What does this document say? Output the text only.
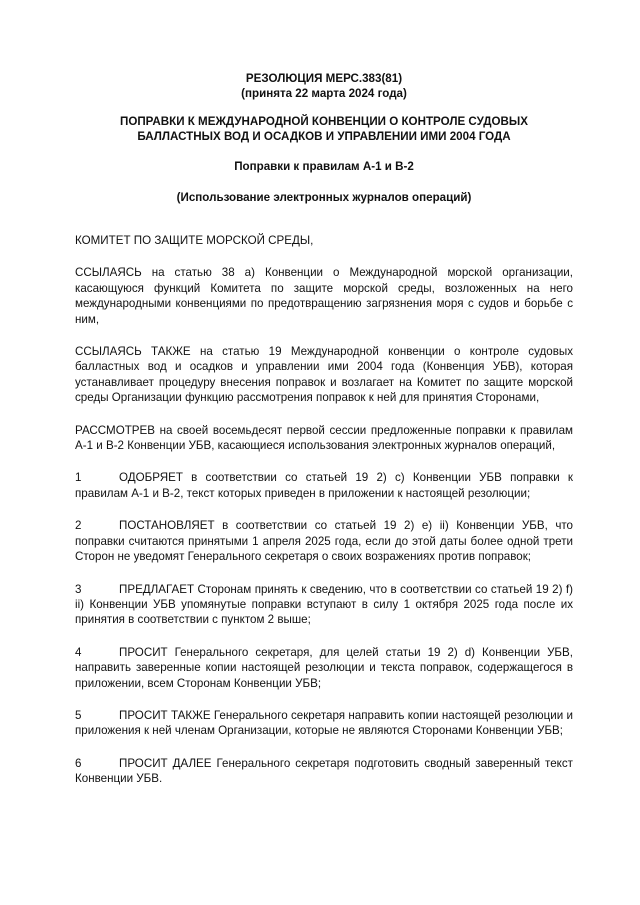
РЕЗОЛЮЦИЯ МЕРС.383(81)
(принята 22 марта 2024 года)
ПОПРАВКИ К МЕЖДУНАРОДНОЙ КОНВЕНЦИИ О КОНТРОЛЕ СУДОВЫХ
БАЛЛАСТНЫХ ВОД И ОСАДКОВ И УПРАВЛЕНИИ ИМИ 2004 ГОДА
Поправки к правилам А-1 и В-2
(Использование электронных журналов операций)
КОМИТЕТ ПО ЗАЩИТЕ МОРСКОЙ СРЕДЫ,
ССЫЛАЯСЬ на статью 38 а) Конвенции о Международной морской организации, касающуюся функций Комитета по защите морской среды, возложенных на него международными конвенциями по предотвращению загрязнения моря с судов и борьбе с ним,
ССЫЛАЯСЬ ТАКЖЕ на статью 19 Международной конвенции о контроле судовых балластных вод и осадков и управлении ими 2004 года (Конвенция УБВ), которая устанавливает процедуру внесения поправок и возлагает на Комитет по защите морской среды Организации функцию рассмотрения поправок к ней для принятия Сторонами,
РАССМОТРЕВ на своей восемьдесят первой сессии предложенные поправки к правилам А-1 и В-2 Конвенции УБВ, касающиеся использования электронных журналов операций,
1	ОДОБРЯЕТ в соответствии со статьей 19 2) с) Конвенции УБВ поправки к правилам А-1 и В-2, текст которых приведен в приложении к настоящей резолюции;
2	ПОСТАНОВЛЯЕТ в соответствии со статьей 19 2) е) ii) Конвенции УБВ, что поправки считаются принятыми 1 апреля 2025 года, если до этой даты более одной трети Сторон не уведомят Генерального секретаря о своих возражениях против поправок;
3	ПРЕДЛАГАЕТ Сторонам принять к сведению, что в соответствии со статьей 19 2) f) ii) Конвенции УБВ упомянутые поправки вступают в силу 1 октября 2025 года после их принятия в соответствии с пунктом 2 выше;
4	ПРОСИТ Генерального секретаря, для целей статьи 19 2) d) Конвенции УБВ, направить заверенные копии настоящей резолюции и текста поправок, содержащегося в приложении, всем Сторонам Конвенции УБВ;
5	ПРОСИТ ТАКЖЕ Генерального секретаря направить копии настоящей резолюции и приложения к ней членам Организации, которые не являются Сторонами Конвенции УБВ;
6	ПРОСИТ ДАЛЕЕ Генерального секретаря подготовить сводный заверенный текст Конвенции УБВ.
